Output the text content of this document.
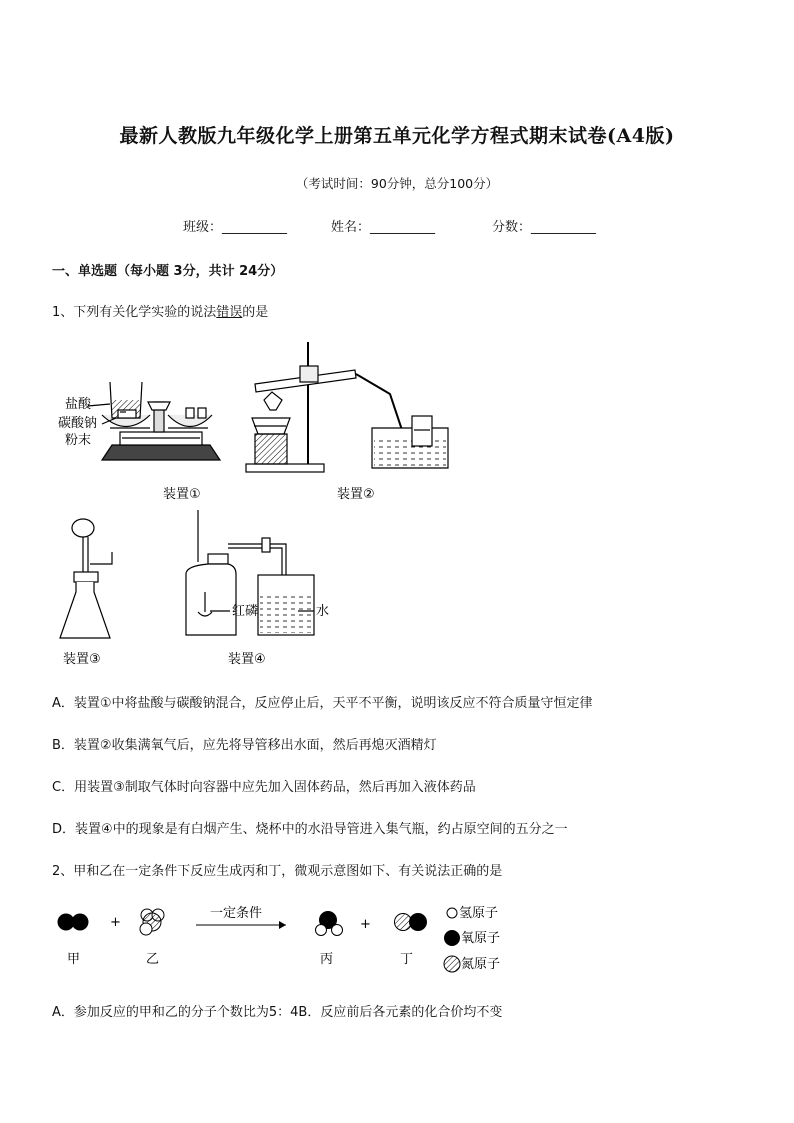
最新人教版九年级化学上册第五单元化学方程式期末试卷(A4版)
（考试时间：90分钟，总分100分）
班级：__________	姓名：__________	分数：__________
一、单选题（每小题 3分，共计 24分）
1、下列有关化学实验的说法错误的是
盐酸
碳酸钠
粉末
装置①	装置②
装置③
红磷	水
装置④
A．装置①中将盐酸与碳酸钠混合，反应停止后，天平不平衡，说明该反应不符合质量守恒定律
B．装置②收集满氧气后，应先将导管移出水面，然后再熄灭酒精灯
C．用装置③制取气体时向容器中应先加入固体药品，然后再加入液体药品
D．装置④中的现象是有白烟产生、烧杯中的水沿导管进入集气瓶，约占原空间的五分之一
2、甲和乙在一定条件下反应生成丙和丁，微观示意图如下、有关说法正确的是
+
一定条件
+
甲	乙	丙	丁
氢原子
氧原子
氮原子
A．参加反应的甲和乙的分子个数比为5：4B．反应前后各元素的化合价均不变
